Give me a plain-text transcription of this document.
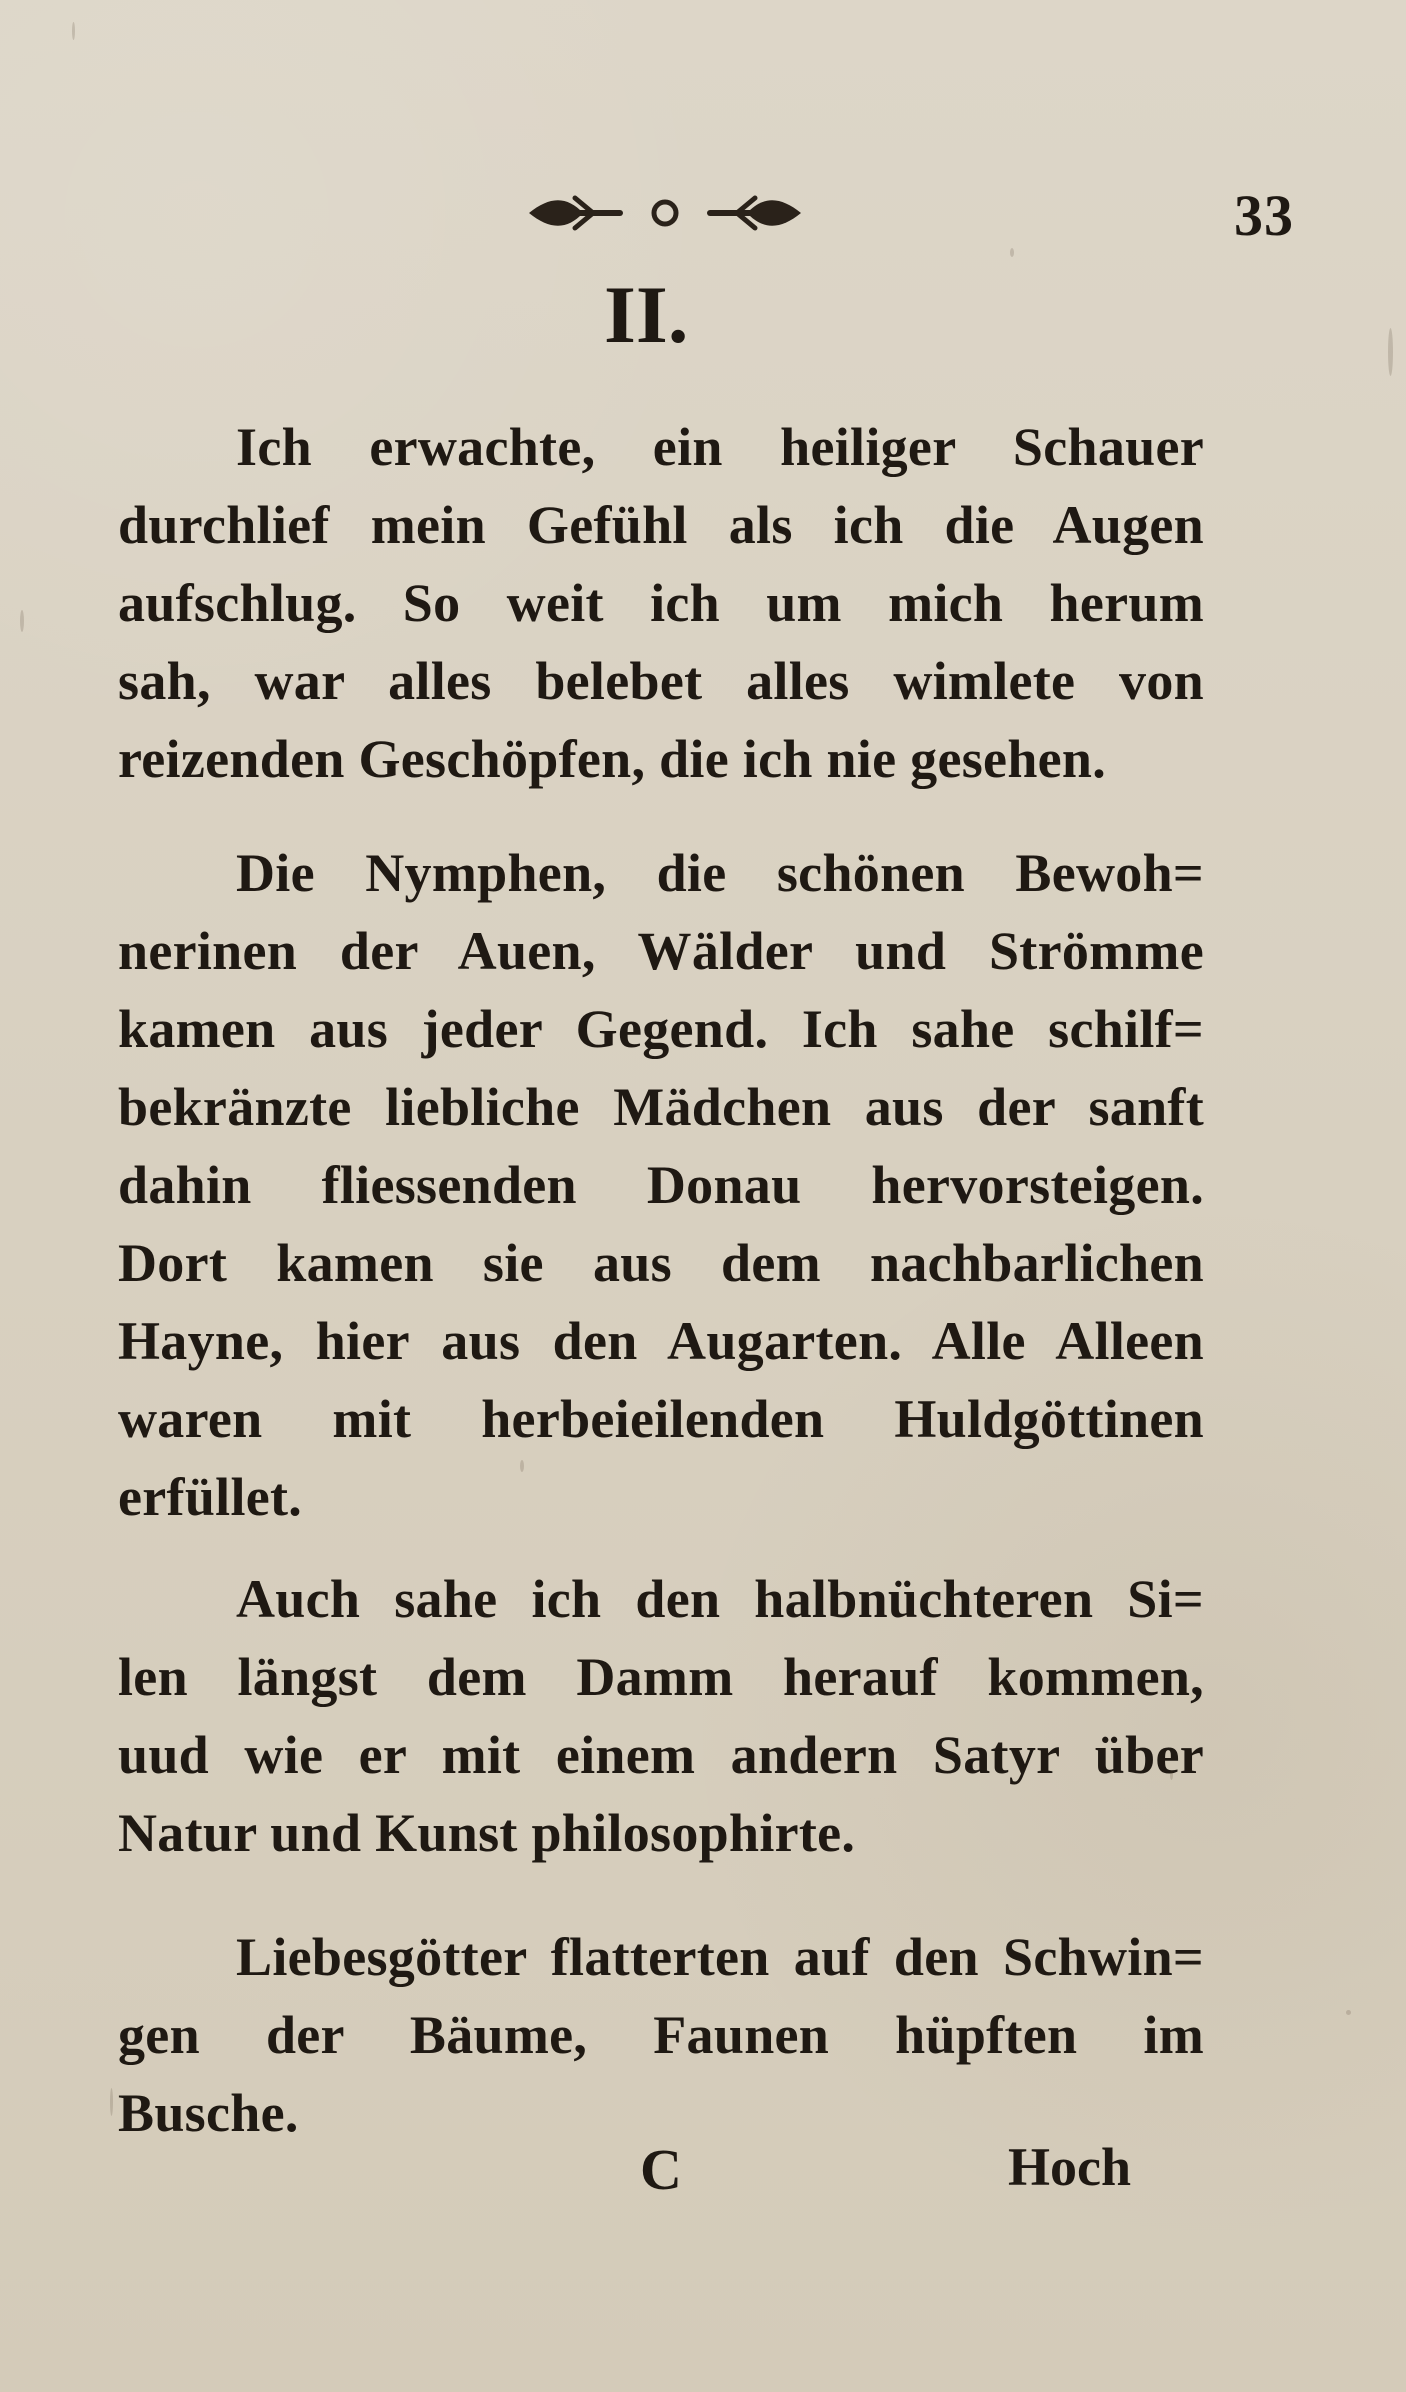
33
II.
Ich erwachte, ein heiliger Schauer
durchlief mein Gefühl als ich die Augen
aufschlug. So weit ich um mich herum
sah, war alles belebet alles wimlete von
reizenden Geschöpfen, die ich nie gesehen.
Die Nymphen, die schönen Bewoh=
nerinen der Auen, Wälder und Strömme
kamen aus jeder Gegend. Ich sahe schilf=
bekränzte liebliche Mädchen aus der sanft
dahin fliessenden Donau hervorsteigen.
Dort kamen sie aus dem nachbarlichen
Hayne, hier aus den Augarten. Alle Alleen
waren mit herbeieilenden Huldgöttinen
erfüllet.
Auch sahe ich den halbnüchteren Si=
len längst dem Damm herauf kommen,
uud wie er mit einem andern Satyr über
Natur und Kunst philosophirte.
Liebesgötter flatterten auf den Schwin=
gen der Bäume, Faunen hüpften im
Busche.
C	Hoch
